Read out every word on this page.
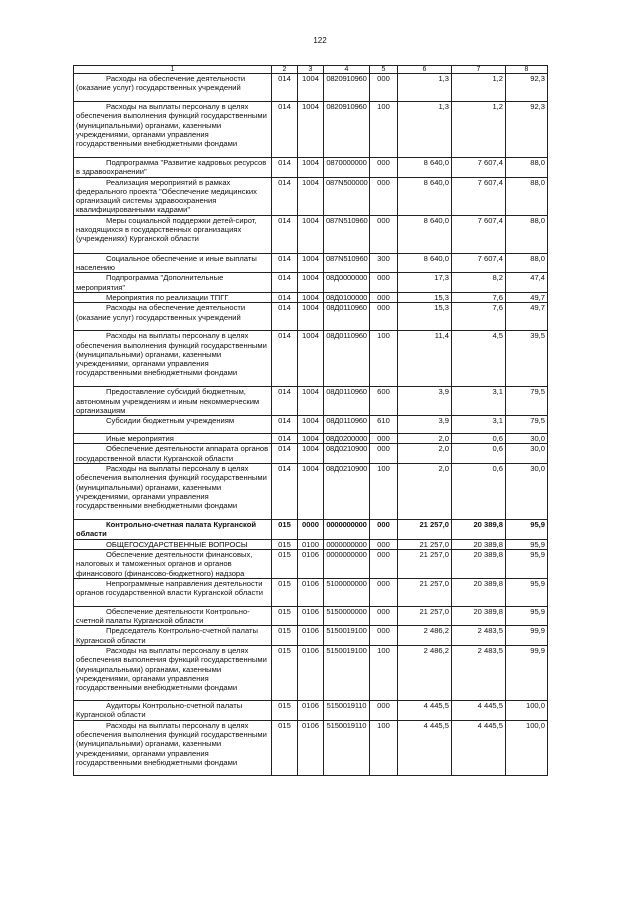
122
1	2	3	4	5	6	7	8
Расходы на обеспечение деятельности (оказание услуг) государственных учреждений	014	1004	0820910960	000	1,3	1,2	92,3
Расходы на выплаты персоналу в целях обеспечения выполнения функций государственными (муниципальными) органами, казенными учреждениями, органами управления государственными внебюджетными фондами	014	1004	0820910960	100	1,3	1,2	92,3
Подпрограмма "Развитие кадровых ресурсов в здравоохранении"	014	1004	0870000000	000	8 640,0	7 607,4	88,0
Реализация мероприятий в рамках федерального проекта "Обеспечение медицинских организаций системы здравоохранения квалифицированными кадрами"	014	1004	087N500000	000	8 640,0	7 607,4	88,0
Меры социальной поддержки детей-сирот, находящихся в государственных организациях (учреждениях) Курганской области	014	1004	087N510960	000	8 640,0	7 607,4	88,0
Социальное обеспечение и иные выплаты населению	014	1004	087N510960	300	8 640,0	7 607,4	88,0
Подпрограмма "Дополнительные мероприятия"	014	1004	08Д0000000	000	17,3	8,2	47,4
Мероприятия по реализации ТПГГ	014	1004	08Д0100000	000	15,3	7,6	49,7
Расходы на обеспечение деятельности (оказание услуг) государственных учреждений	014	1004	08Д0110960	000	15,3	7,6	49,7
Расходы на выплаты персоналу в целях обеспечения выполнения функций государственными (муниципальными) органами, казенными учреждениями, органами управления государственными внебюджетными фондами	014	1004	08Д0110960	100	11,4	4,5	39,5
Предоставление субсидий бюджетным, автономным учреждениям и иным некоммерческим организациям	014	1004	08Д0110960	600	3,9	3,1	79,5
Субсидии бюджетным учреждениям	014	1004	08Д0110960	610	3,9	3,1	79,5
Иные мероприятия	014	1004	08Д0200000	000	2,0	0,6	30,0
Обеспечение деятельности аппарата органов государственной власти Курганской области	014	1004	08Д0210900	000	2,0	0,6	30,0
Расходы на выплаты персоналу в целях обеспечения выполнения функций государственными (муниципальными) органами, казенными учреждениями, органами управления государственными внебюджетными фондами	014	1004	08Д0210900	100	2,0	0,6	30,0
Контрольно-счетная палата Курганской области	015	0000	0000000000	000	21 257,0	20 389,8	95,9
ОБЩЕГОСУДАРСТВЕННЫЕ ВОПРОСЫ	015	0100	0000000000	000	21 257,0	20 389,8	95,9
Обеспечение деятельности финансовых, налоговых и таможенных органов и органов финансового (финансово-бюджетного) надзора	015	0106	0000000000	000	21 257,0	20 389,8	95,9
Непрограммные направления деятельности органов государственной власти Курганской области	015	0106	5100000000	000	21 257,0	20 389,8	95,9
Обеспечение деятельности Контрольно-счетной палаты Курганской области	015	0106	5150000000	000	21 257,0	20 389,8	95,9
Председатель Контрольно-счетной палаты Курганской области	015	0106	5150019100	000	2 486,2	2 483,5	99,9
Расходы на выплаты персоналу в целях обеспечения выполнения функций государственными (муниципальными) органами, казенными учреждениями, органами управления государственными внебюджетными фондами	015	0106	5150019100	100	2 486,2	2 483,5	99,9
Аудиторы Контрольно-счетной палаты Курганской области	015	0106	5150019110	000	4 445,5	4 445,5	100,0
Расходы на выплаты персоналу в целях обеспечения выполнения функций государственными (муниципальными) органами, казенными учреждениями, органами управления государственными внебюджетными фондами	015	0106	5150019110	100	4 445,5	4 445,5	100,0
